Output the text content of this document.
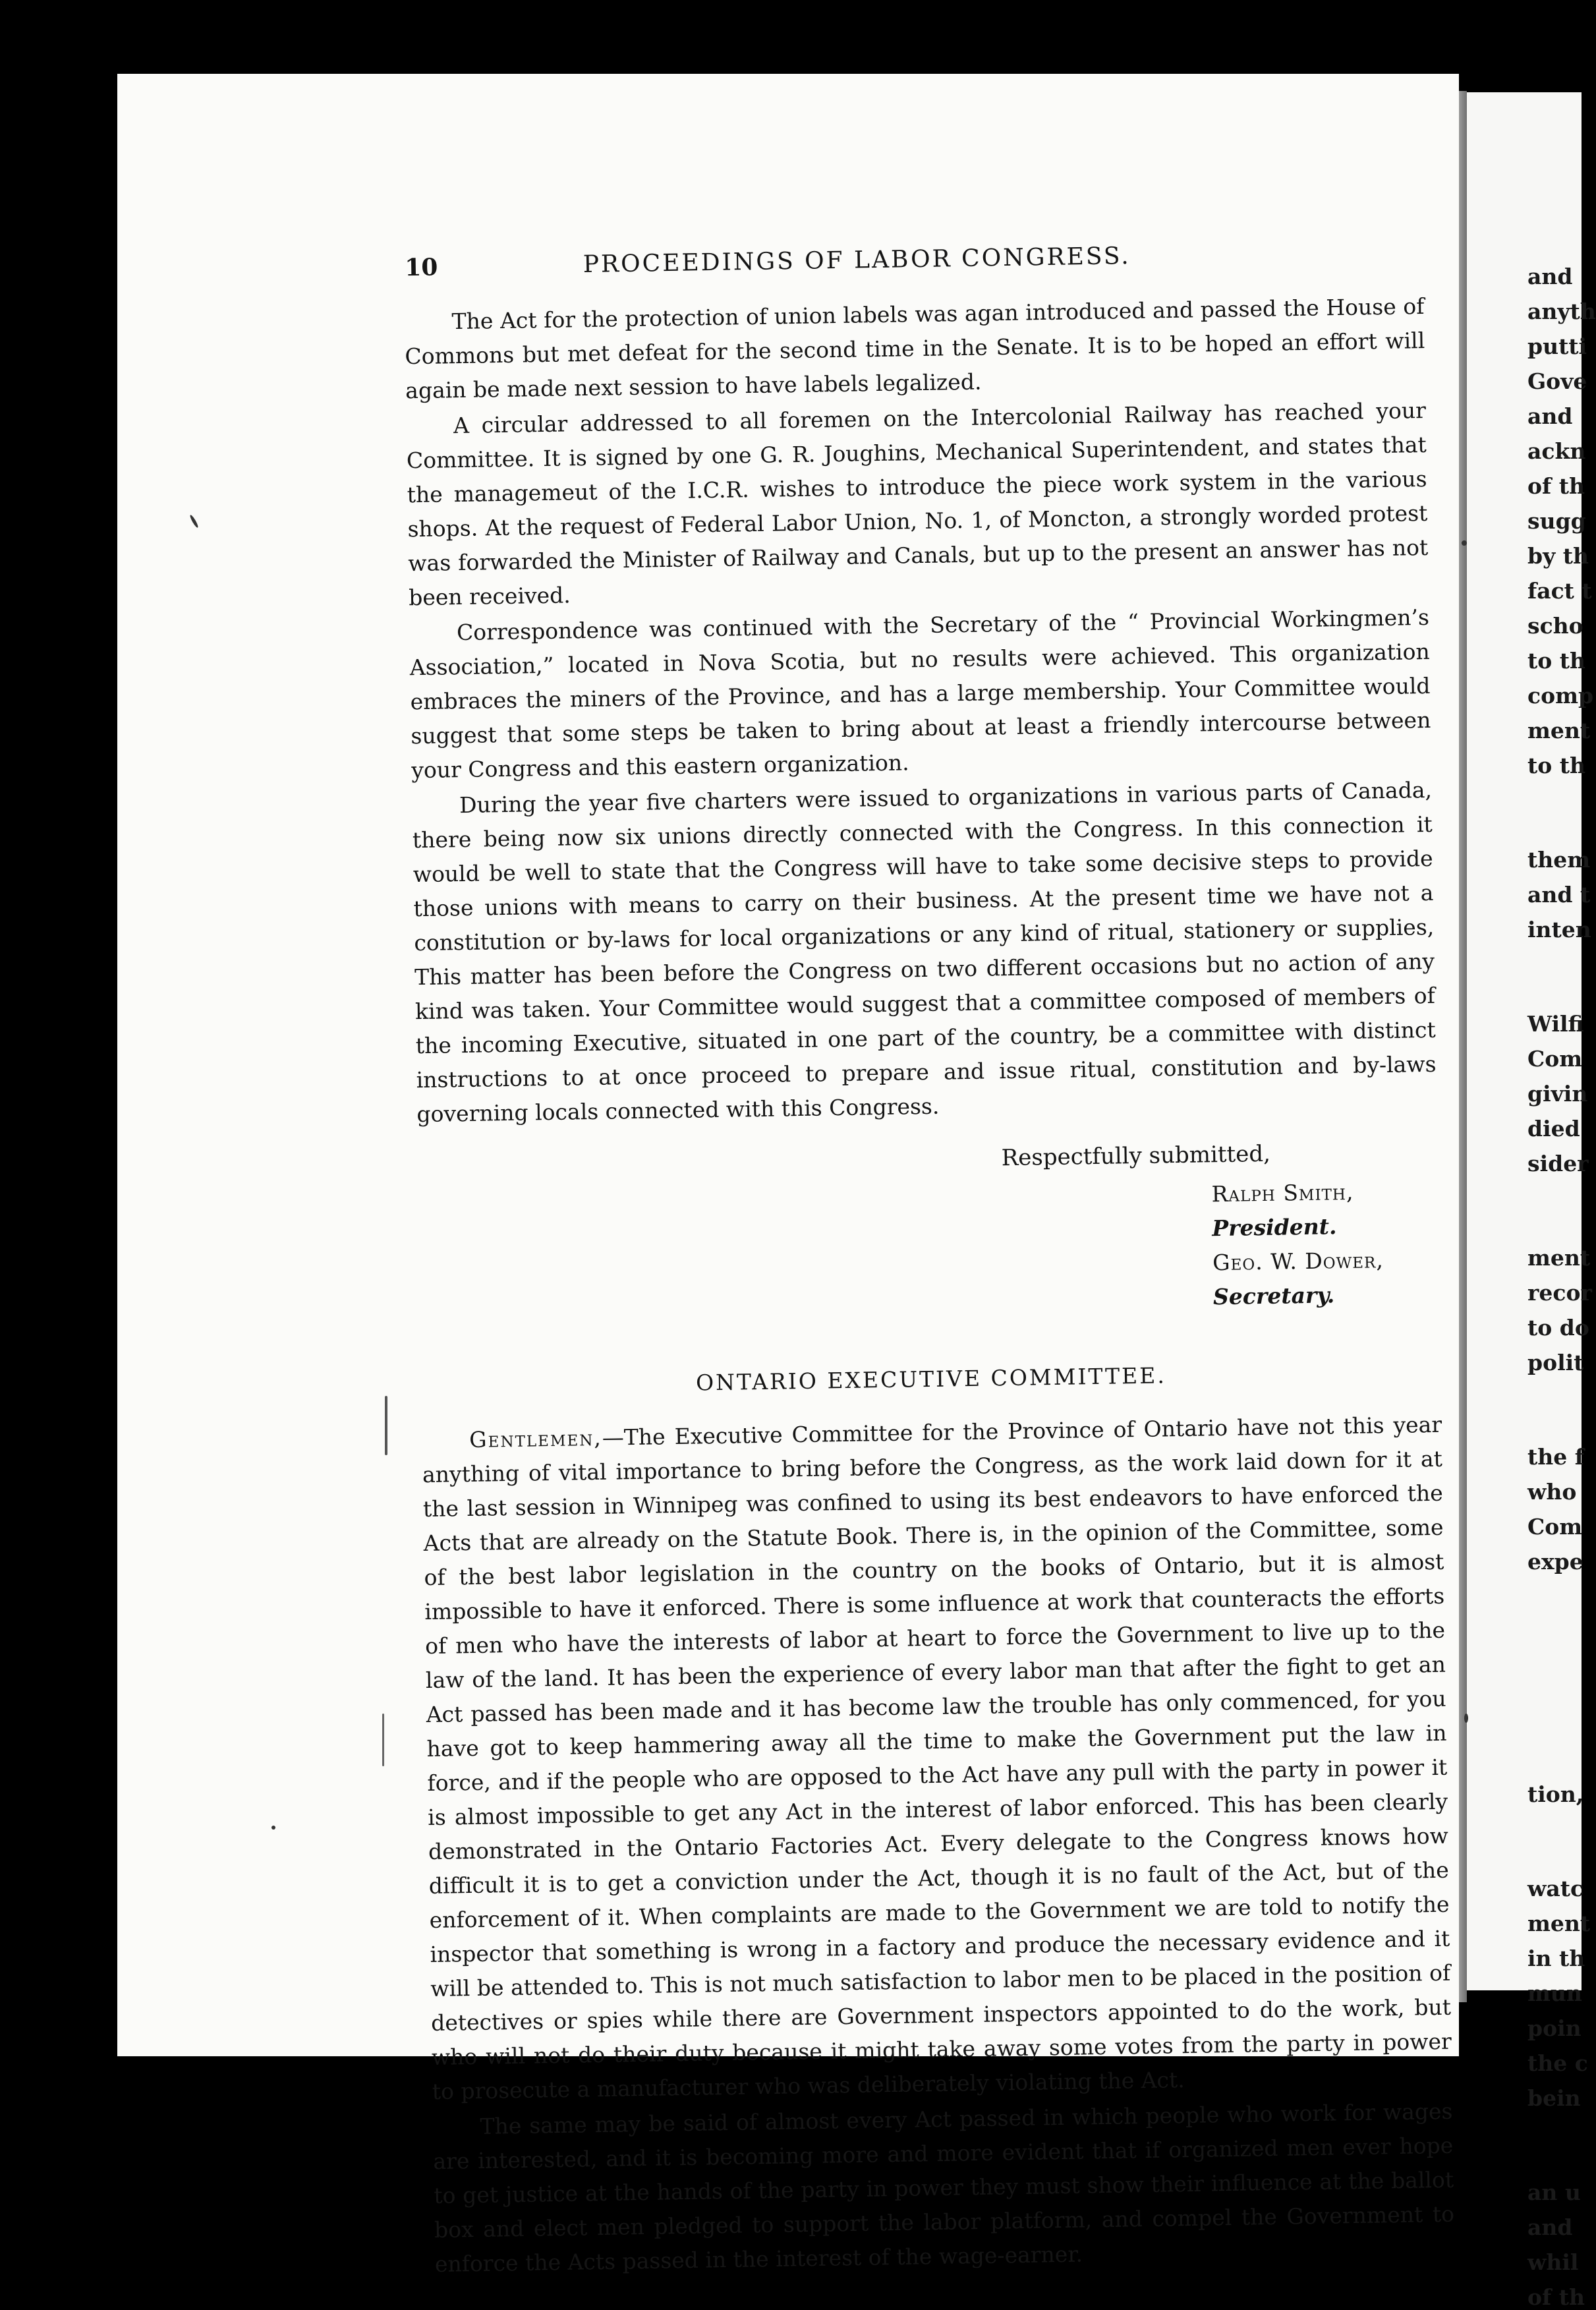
and
anyth
putti
Gove
and
ackn
of th
sugg
by th
fact t
scho
to th
comp
ment
to th
them
and t
inten
Wilfi
Com
givin
died
sider
ment
recor
to do
polit
the f
who
Com
expe
tion,
watc
ment
in th
mun
poin
the c
bein
an u
and
whil
of th
10	PROCEEDINGS OF LABOR CONGRESS.

The Act for the protection of union labels was agan introduced and passed the House of Commons but met defeat for the second time in the Senate. It is to be hoped an effort will again be made next session to have labels legalized.

A circular addressed to all foremen on the Intercolonial Railway has reached your Committee. It is signed by one G. R. Joughins, Mechanical Superintendent, and states that the managemeut of the I.C.R. wishes to introduce the piece work system in the various shops. At the request of Federal Labor Union, No. 1, of Moncton, a strongly worded protest was forwarded the Minister of Railway and Canals, but up to the present an answer has not been received.

Correspondence was continued with the Secretary of the “ Provincial Workingmen’s Association,” located in Nova Scotia, but no results were achieved. This organization embraces the miners of the Province, and has a large membership. Your Committee would suggest that some steps be taken to bring about at least a friendly intercourse between your Congress and this eastern organization.

During the year five charters were issued to organizations in various parts of Canada, there being now six unions directly connected with the Congress. In this connection it would be well to state that the Congress will have to take some decisive steps to provide those unions with means to carry on their business. At the present time we have not a constitution or by-laws for local organizations or any kind of ritual, stationery or supplies, This matter has been before the Congress on two different occasions but no action of any kind was taken. Your Committee would suggest that a committee composed of members of the incoming Executive, situated in one part of the country, be a committee with distinct instructions to at once proceed to prepare and issue ritual, constitution and by-laws governing locals connected with this Congress.

Respectfully submitted,
Ralph Smith, President.
Geo. W. Dower, Secretary.
ONTARIO EXECUTIVE COMMITTEE.

Gentlemen,—The Executive Committee for the Province of Ontario have not this year anything of vital importance to bring before the Congress, as the work laid down for it at the last session in Winnipeg was confined to using its best endeavors to have enforced the Acts that are already on the Statute Book. There is, in the opinion of the Committee, some of the best labor legislation in the country on the books of Ontario, but it is almost impossible to have it enforced. There is some influence at work that counteracts the efforts of men who have the interests of labor at heart to force the Government to live up to the law of the land. It has been the experience of every labor man that after the fight to get an Act passed has been made and it has become law the trouble has only commenced, for you have got to keep hammering away all the time to make the Government put the law in force, and if the people who are opposed to the Act have any pull with the party in power it is almost impossible to get any Act in the interest of labor enforced. This has been clearly demonstrated in the Ontario Factories Act. Every delegate to the Congress knows how difficult it is to get a conviction under the Act, though it is no fault of the Act, but of the enforcement of it. When complaints are made to the Government we are told to notify the inspector that something is wrong in a factory and produce the necessary evidence and it will be attended to. This is not much satisfaction to labor men to be placed in the position of detectives or spies while there are Government inspectors appointed to do the work, but who will not do their duty because it might take away some votes from the party in power to prosecute a manufacturer who was deliberately violating the Act.

The same may be said of almost every Act passed in which people who work for wages are interested, and it is becoming more and more evident that if organized men ever hope to get justice at the hands of the party in power they must show their influence at the ballot box and elect men pledged to support the labor platform, and compel the Government to enforce the Acts passed in the interest of the wage-earner.
